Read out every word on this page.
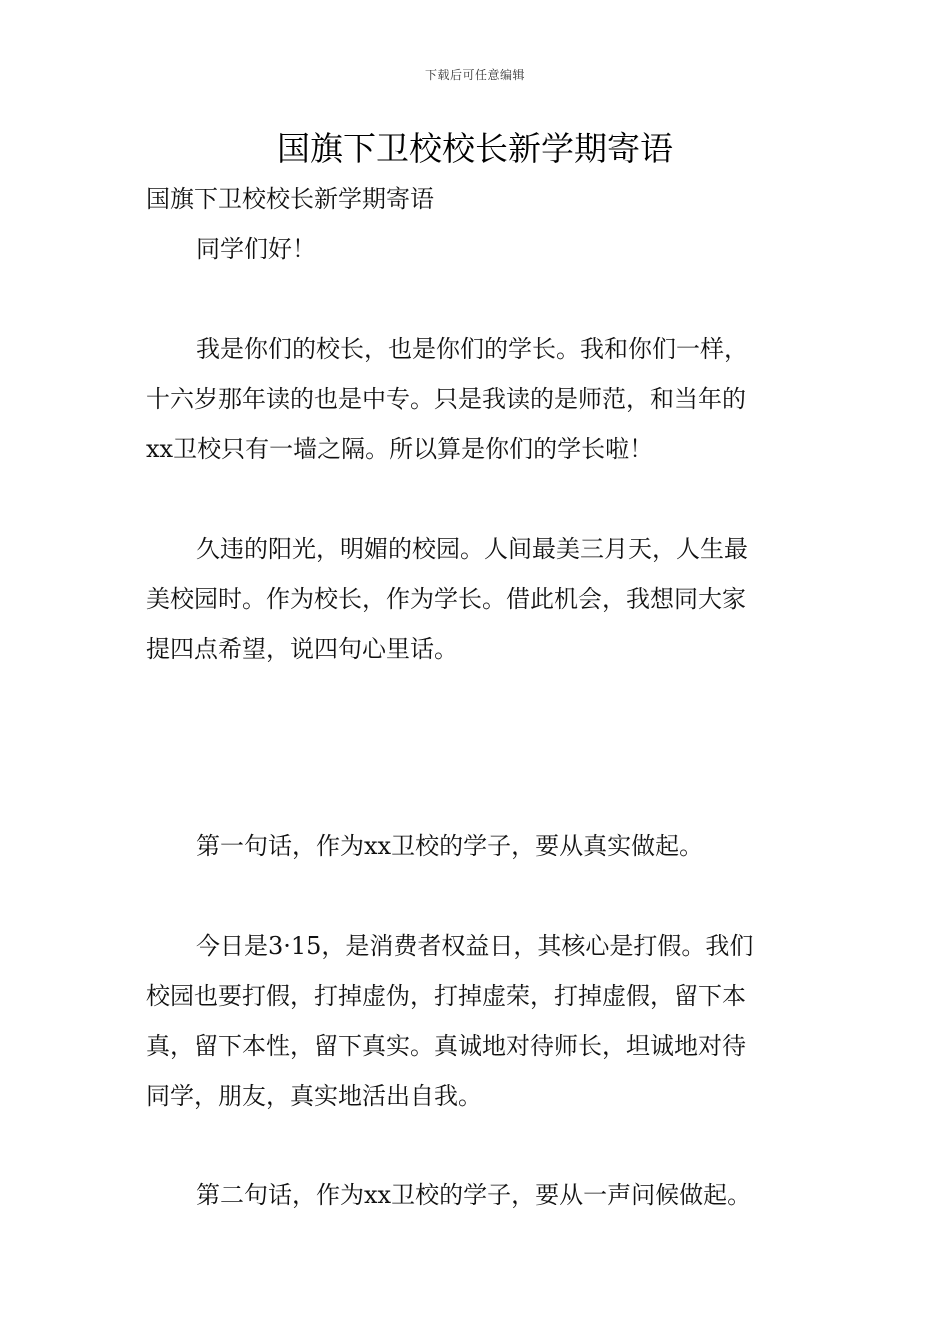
下载后可任意编辑
国旗下卫校校长新学期寄语
国旗下卫校校长新学期寄语
同学们好！
我是你们的校长，也是你们的学长。我和你们一样，
十六岁那年读的也是中专。只是我读的是师范，和当年的
xx卫校只有一墙之隔。所以算是你们的学长啦！
久违的阳光，明媚的校园。人间最美三月天，人生最
美校园时。作为校长，作为学长。借此机会，我想同大家
提四点希望，说四句心里话。
第一句话，作为xx卫校的学子，要从真实做起。
今日是3·15，是消费者权益日，其核心是打假。我们
校园也要打假，打掉虚伪，打掉虚荣，打掉虚假，留下本
真，留下本性，留下真实。真诚地对待师长，坦诚地对待
同学，朋友，真实地活出自我。
第二句话，作为xx卫校的学子，要从一声问候做起。
